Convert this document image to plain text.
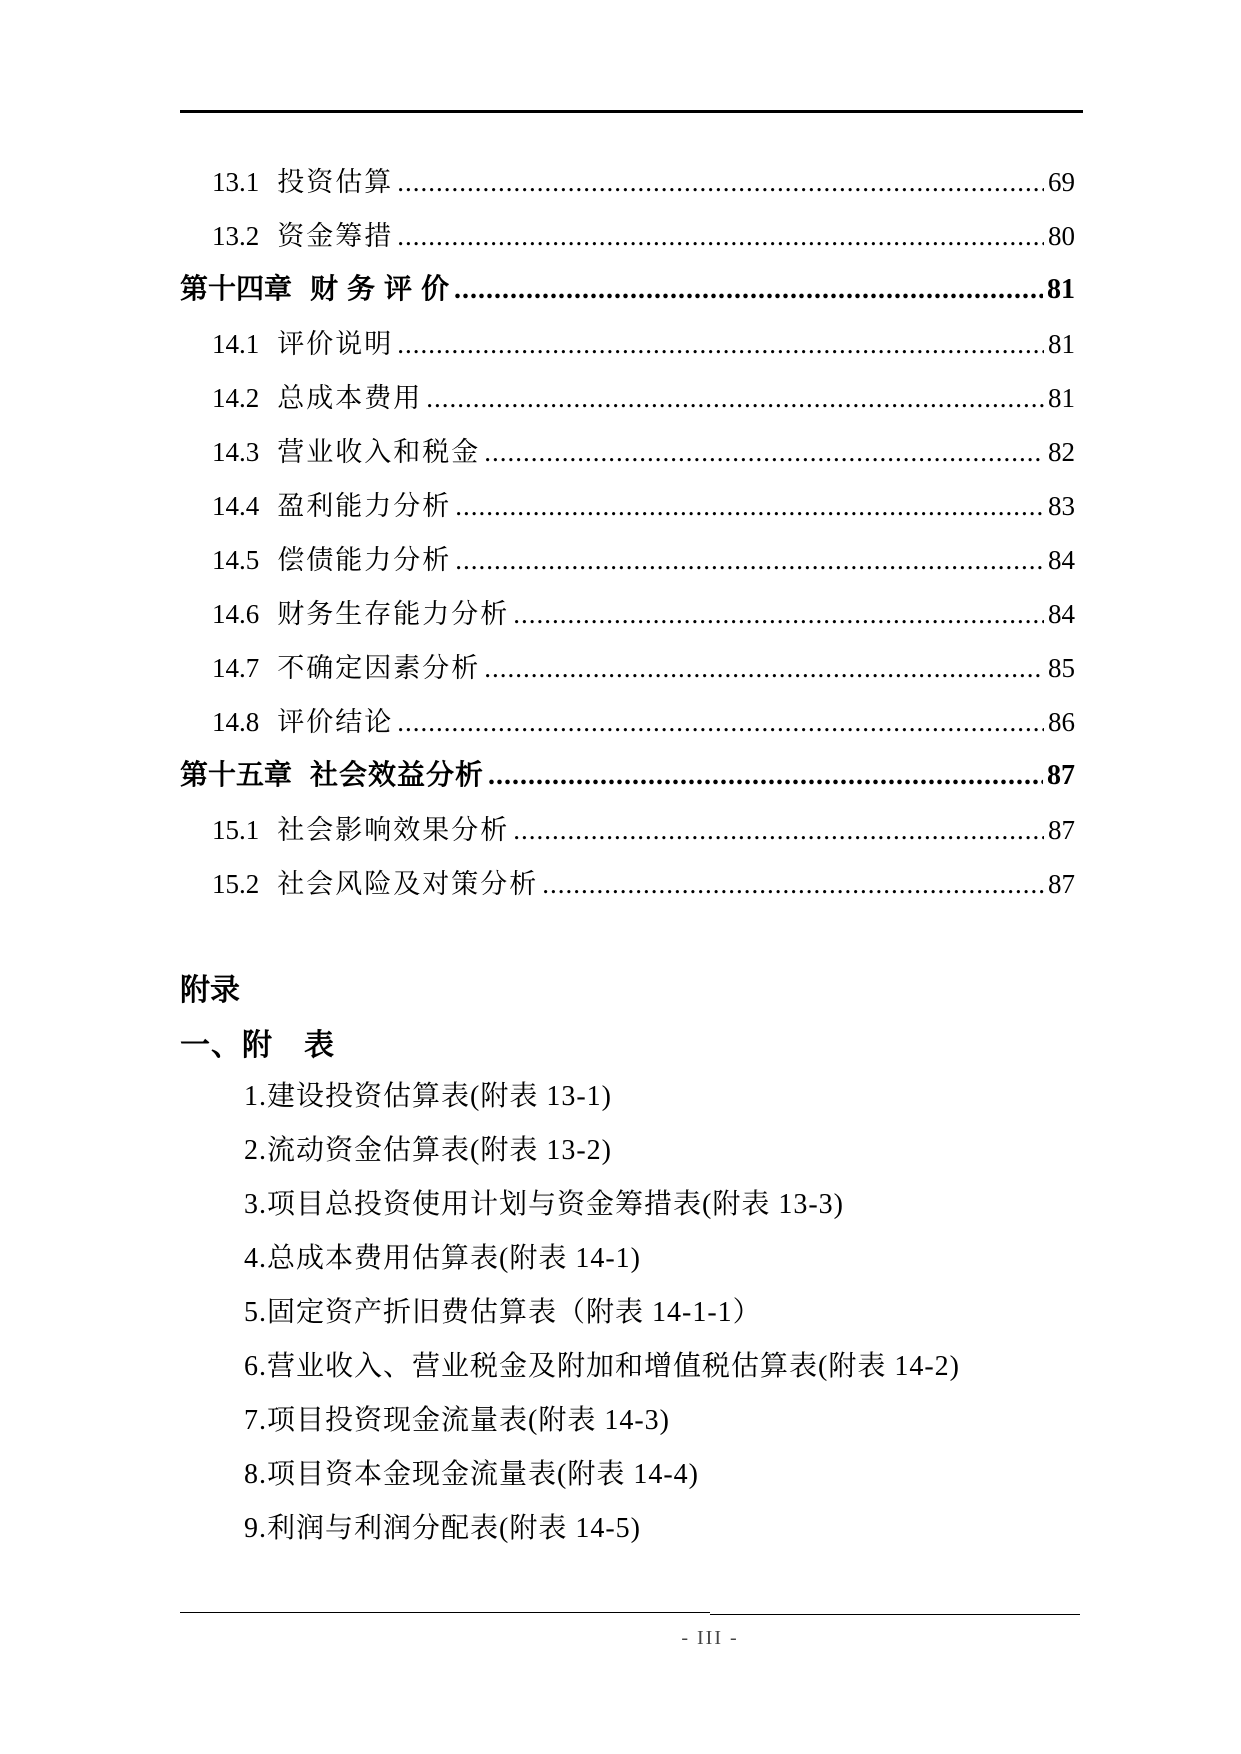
13.1 投资估算 .....	69
13.2 资金筹措 .....	80
第十四章 财 务 评 价 .....	81
14.1 评价说明 .....	81
14.2 总成本费用 .....	81
14.3 营业收入和税金 .....	82
14.4 盈利能力分析 .....	83
14.5 偿债能力分析 .....	84
14.6 财务生存能力分析 .....	84
14.7 不确定因素分析 .....	85
14.8 评价结论 .....	86
第十五章 社会效益分析 .....	87
15.1 社会影响效果分析 .....	87
15.2 社会风险及对策分析 .....	87
附录
一、附　表
1.建设投资估算表(附表 13-1)
2.流动资金估算表(附表 13-2)
3.项目总投资使用计划与资金筹措表(附表 13-3)
4.总成本费用估算表(附表 14-1)
5.固定资产折旧费估算表（附表 14-1-1）
6.营业收入、营业税金及附加和增值税估算表(附表 14-2)
7.项目投资现金流量表(附表 14-3)
8.项目资本金现金流量表(附表 14-4)
9.利润与利润分配表(附表 14-5)
- III -
